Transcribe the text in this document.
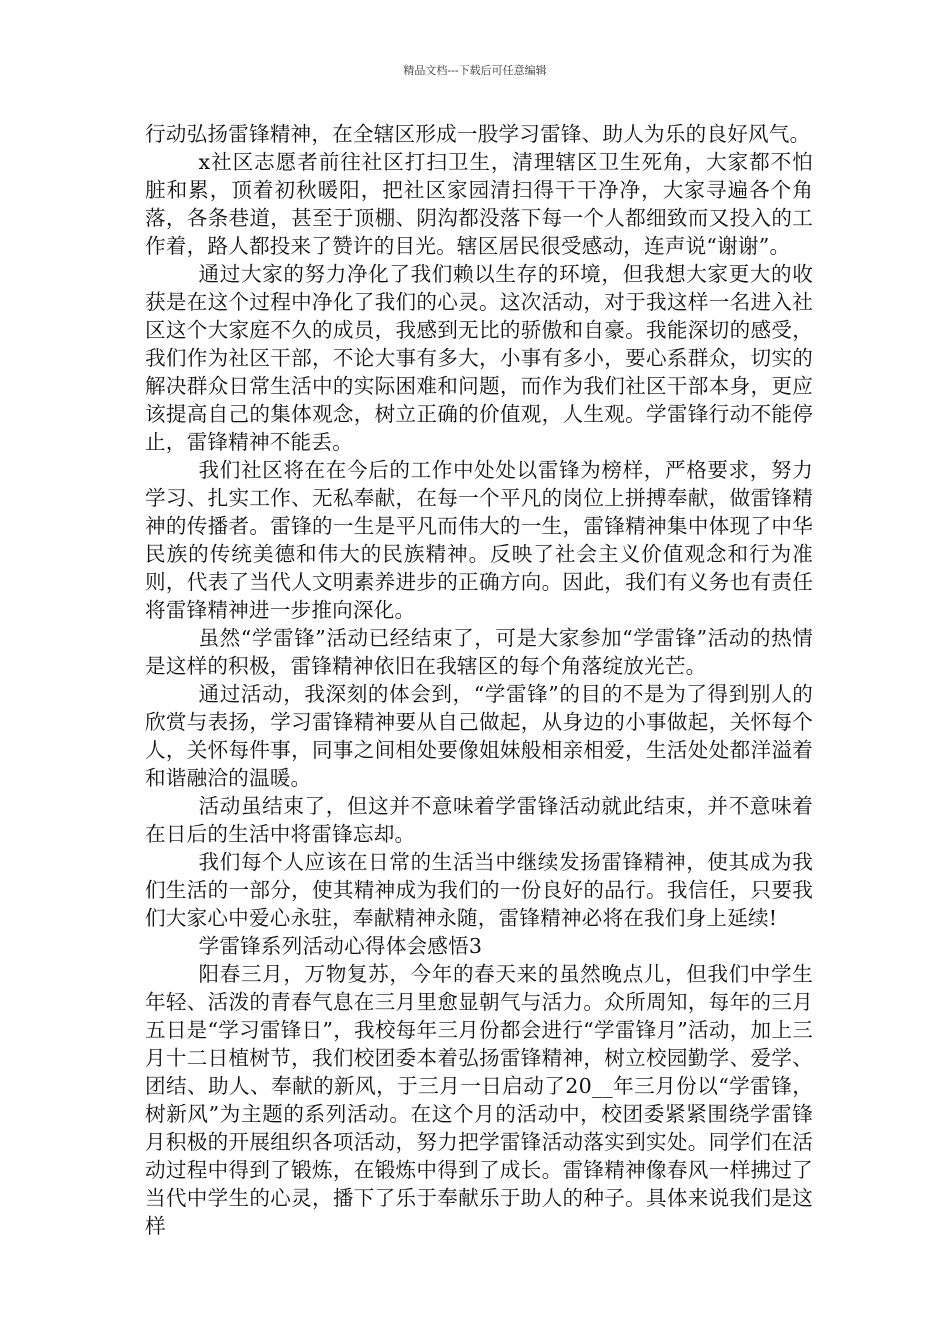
精品文档---下载后可任意编辑

行动弘扬雷锋精神，在全辖区形成一股学习雷锋、助人为乐的良好风气。

x社区志愿者前往社区打扫卫生，清理辖区卫生死角，大家都不怕脏和累，顶着初秋暖阳，把社区家园清扫得干干净净，大家寻遍各个角落，各条巷道，甚至于顶棚、阴沟都没落下每一个人都细致而又投入的工作着，路人都投来了赞许的目光。辖区居民很受感动，连声说“谢谢”。

通过大家的努力净化了我们赖以生存的环境，但我想大家更大的收获是在这个过程中净化了我们的心灵。这次活动，对于我这样一名进入社区这个大家庭不久的成员，我感到无比的骄傲和自豪。我能深切的感受，我们作为社区干部，不论大事有多大，小事有多小，要心系群众，切实的解决群众日常生活中的实际困难和问题，而作为我们社区干部本身，更应该提高自己的集体观念，树立正确的价值观，人生观。学雷锋行动不能停止，雷锋精神不能丢。

我们社区将在在今后的工作中处处以雷锋为榜样，严格要求，努力学习、扎实工作、无私奉献，在每一个平凡的岗位上拼搏奉献，做雷锋精神的传播者。雷锋的一生是平凡而伟大的一生，雷锋精神集中体现了中华民族的传统美德和伟大的民族精神。反映了社会主义价值观念和行为准则，代表了当代人文明素养进步的正确方向。因此，我们有义务也有责任将雷锋精神进一步推向深化。

虽然“学雷锋”活动已经结束了，可是大家参加“学雷锋”活动的热情是这样的积极，雷锋精神依旧在我辖区的每个角落绽放光芒。

通过活动，我深刻的体会到，“学雷锋”的目的不是为了得到别人的欣赏与表扬，学习雷锋精神要从自己做起，从身边的小事做起，关怀每个人，关怀每件事，同事之间相处要像姐妹般相亲相爱，生活处处都洋溢着和谐融洽的温暖。

活动虽结束了，但这并不意味着学雷锋活动就此结束，并不意味着在日后的生活中将雷锋忘却。

我们每个人应该在日常的生活当中继续发扬雷锋精神，使其成为我们生活的一部分，使其精神成为我们的一份良好的品行。我信任，只要我们大家心中爱心永驻，奉献精神永随，雷锋精神必将在我们身上延续!

学雷锋系列活动心得体会感悟3

阳春三月，万物复苏，今年的春天来的虽然晚点儿，但我们中学生年轻、活泼的青春气息在三月里愈显朝气与活力。众所周知，每年的三月五日是“学习雷锋日”，我校每年三月份都会进行“学雷锋月”活动，加上三月十二日植树节，我们校团委本着弘扬雷锋精神，树立校园勤学、爱学、团结、助人、奉献的新风，于三月一日启动了20__年三月份以“学雷锋，树新风”为主题的系列活动。在这个月的活动中，校团委紧紧围绕学雷锋月积极的开展组织各项活动，努力把学雷锋活动落实到实处。同学们在活动过程中得到了锻炼，在锻炼中得到了成长。雷锋精神像春风一样拂过了当代中学生的心灵，播下了乐于奉献乐于助人的种子。具体来说我们是这样
